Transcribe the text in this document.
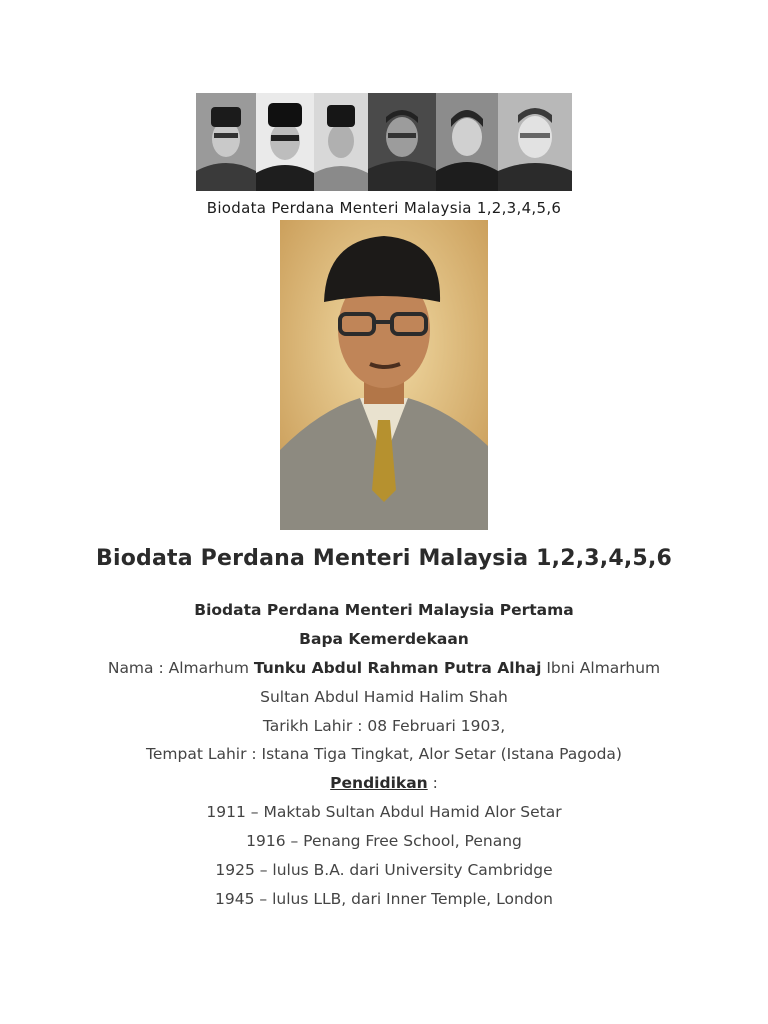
Biodata Perdana Menteri Malaysia 1,2,3,4,5,6
Biodata Perdana Menteri Malaysia 1,2,3,4,5,6
Biodata Perdana Menteri Malaysia Pertama
Bapa Kemerdekaan
Nama : Almarhum Tunku Abdul Rahman Putra Alhaj Ibni Almarhum
Sultan Abdul Hamid Halim Shah
Tarikh Lahir : 08 Februari 1903,
Tempat Lahir : Istana Tiga Tingkat, Alor Setar (Istana Pagoda)
Pendidikan :
1911 – Maktab Sultan Abdul Hamid Alor Setar
1916 – Penang Free School, Penang
1925 – lulus B.A. dari University Cambridge
1945 – lulus LLB, dari Inner Temple, London
